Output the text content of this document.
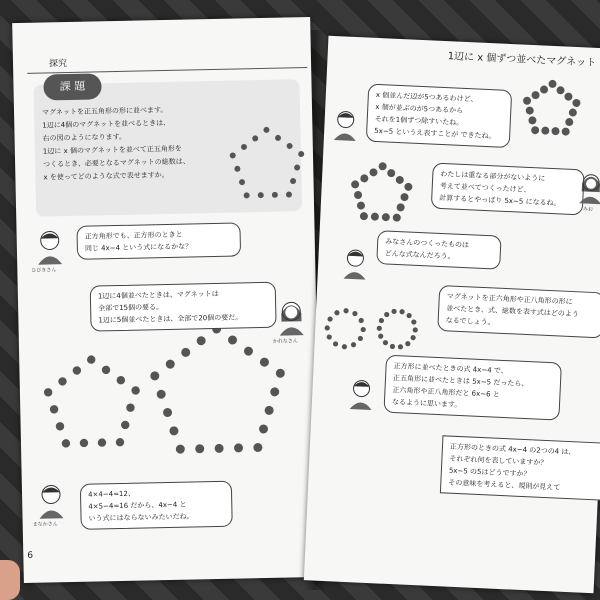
探究
課 題
マグネットを正五角形の形に並べます。
1辺に4個のマグネットを並べるときは、
右の図のようになります。
1辺に x 個のマグネットを並べて正五角形を
つくるとき、必要となるマグネットの総数は、
x を使ってどのような式で表せますか。
ひびきさん
正方角形でも、正方形のときと
同じ 4x−4 という式になるかな？
1辺に4個並べたときは、マグネットは
全部で15個の要る。
1辺に5個並べたときは、全部で20個の要だ。
かれなさん
まなかさん
4×4−4=12、
4×5−4=16 だから、4x−4 と
いう式にはならないみたいだね。
6
1辺に x 個ずつ並べたマグネット
x 個並んだ辺が5つあるわけど、
x 個が並ぶのが5つあるから
それを1個ずつ除すいたね。
5x−5 というえ表すことが できたね。
わたしは重なる部分がないように
考えて並べてつくったけど、
計算するとやっぱり 5x−5 になるね。
みお
みなさんのつくったものは
どんな式なんだろう。
マグネットを正六角形や正八角形の形に
並べたとき、式、総数を表す式はどのよう
なるでしょう。
正方形に並べたときの式 4x−4 で、
正五角形に並べたときは 5x−5 だったら、
正六角形や正八角形だと 6x−6 と
なるように思います。
正方形のときの式 4x−4 の2つの4 は、
それぞれ何を表していますか？
5x−5 の5はどうですか？
その意味を考えると、規則が見えて
